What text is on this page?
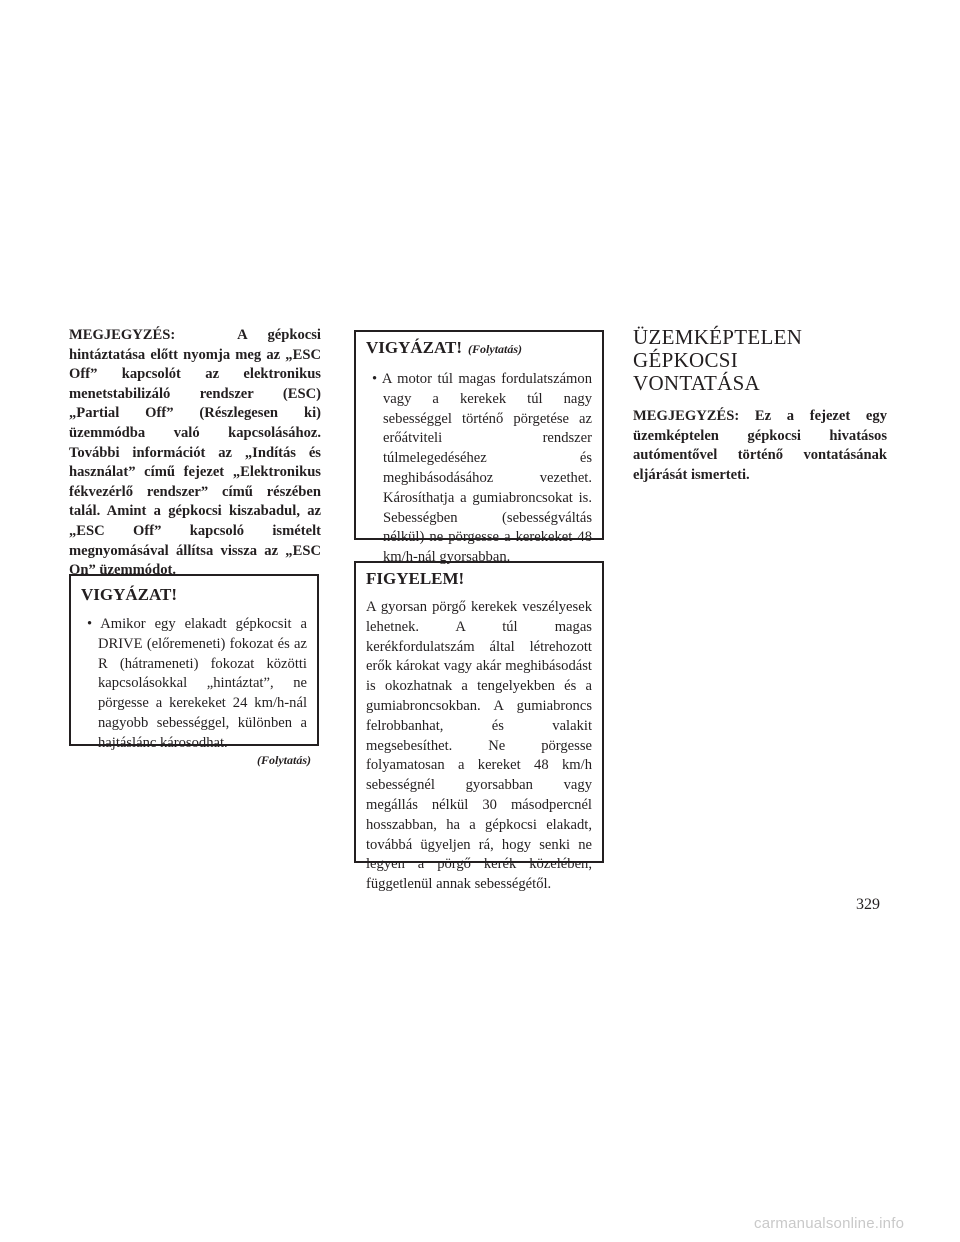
MEGJEGYZÉS:	A gépkocsi hintáztatása előtt nyomja meg az „ESC Off” kapcsolót az elektronikus menetstabilizáló rendszer (ESC) „Partial Off” (Részlegesen ki) üzemmódba való kapcsolásához. További információt az „Indítás és használat” című fejezet „Elektronikus fékvezérlő rendszer” című részében talál. Amint a gépkocsi kiszabadul, az „ESC Off” kapcsoló ismételt megnyomásával állítsa vissza az „ESC On” üzemmódot.

VIGYÁZAT!

• Amikor egy elakadt gépkocsit a DRIVE (előremeneti) fokozat és az R (hátrameneti) fokozat közötti kapcsolásokkal „hintáztat”, ne pörgesse a kerekeket 24 km/h-nál nagyobb sebességgel, különben a hajtáslánc károsodhat.

(Folytatás)

VIGYÁZAT! (Folytatás)

• A motor túl magas fordulatszámon vagy a kerekek túl nagy sebességgel történő pörgetése az erőátviteli rendszer túlmelegedéséhez és meghibásodásához vezethet. Károsíthatja a gumiabroncsokat is. Sebességben (sebességváltás nélkül) ne pörgesse a kerekeket 48 km/h-nál gyorsabban.

FIGYELEM!

A gyorsan pörgő kerekek veszélyesek lehetnek. A túl magas kerékfordulatszám által létrehozott erők károkat vagy akár meghibásodást is okozhatnak a tengelyekben és a gumiabroncsokban. A gumiabroncs felrobbanhat, és valakit megsebesíthet. Ne pörgesse folyamatosan a kereket 48 km/h sebességnél gyorsabban vagy megállás nélkül 30 másodpercnél hosszabban, ha a gépkocsi elakadt, továbbá ügyeljen rá, hogy senki ne legyen a pörgő kerék közelében, függetlenül annak sebességétől.

ÜZEMKÉPTELEN
GÉPKOCSI
VONTATÁSA

MEGJEGYZÉS: Ez a fejezet egy üzemképtelen gépkocsi hivatásos autómentővel történő vontatásának eljárását ismerteti.

329
carmanualsonline.info
